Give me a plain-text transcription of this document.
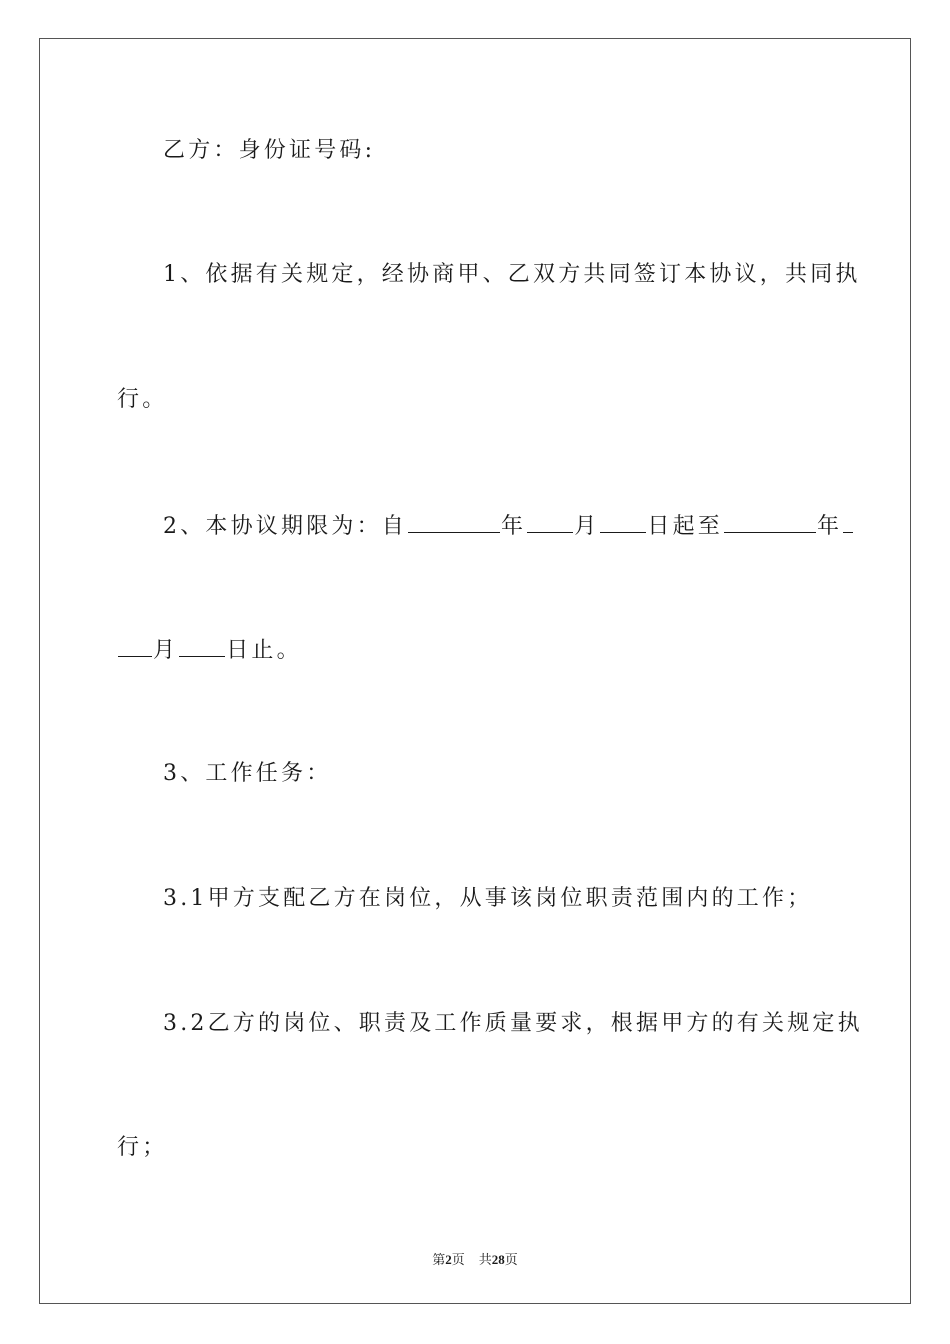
乙方：身份证号码:
1、依据有关规定，经协商甲、乙双方共同签订本协议，共同执
行。
2、本协议期限为：自	年 月 日起至	年
月 日止。
3、工作任务：
3.1甲方支配乙方在岗位，从事该岗位职责范围内的工作；
3.2乙方的岗位、职责及工作质量要求，根据甲方的有关规定执
行；
第2页 共28页
